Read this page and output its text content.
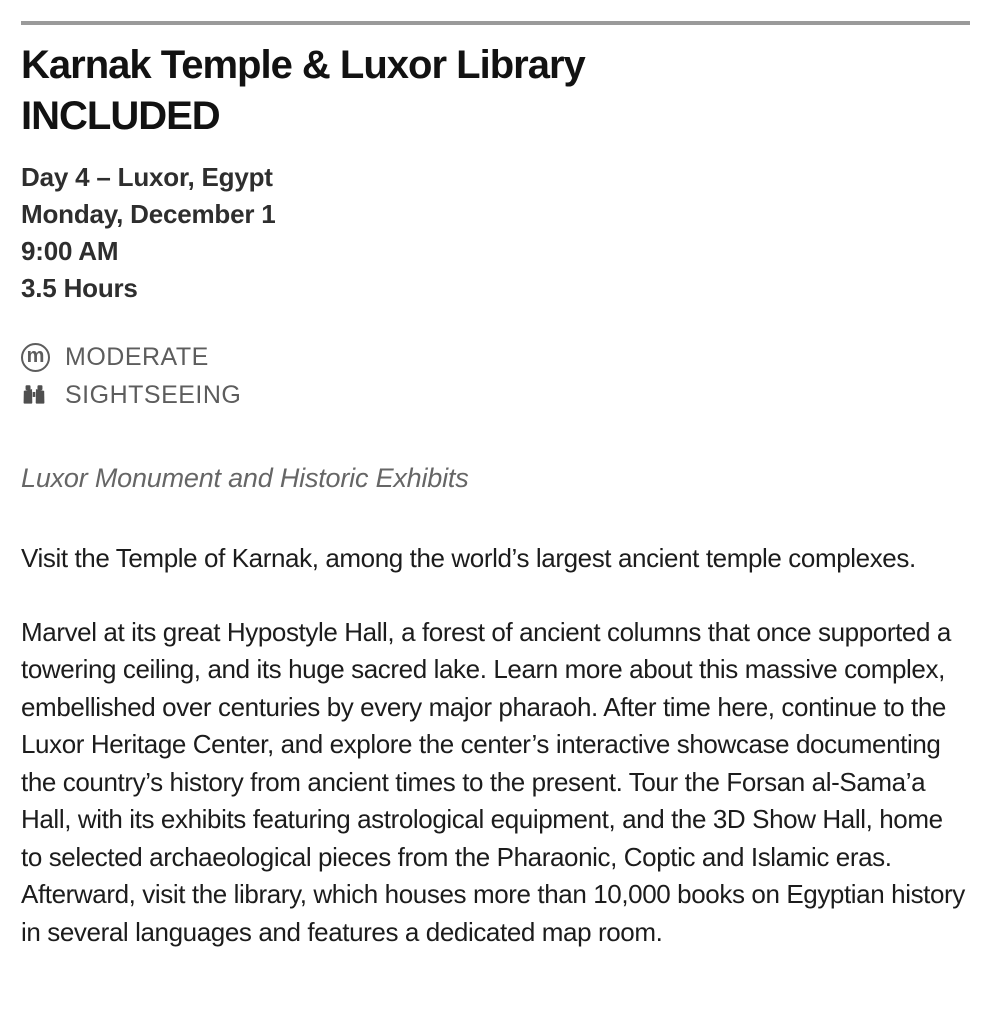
Karnak Temple & Luxor Library
INCLUDED
Day 4 – Luxor, Egypt
Monday, December 1
9:00 AM
3.5 Hours
m MODERATE
SIGHTSEEING
Luxor Monument and Historic Exhibits

Visit the Temple of Karnak, among the world’s largest ancient temple complexes.

Marvel at its great Hypostyle Hall, a forest of ancient columns that once supported a towering ceiling, and its huge sacred lake. Learn more about this massive complex, embellished over centuries by every major pharaoh. After time here, continue to the Luxor Heritage Center, and explore the center’s interactive showcase documenting the country’s history from ancient times to the present. Tour the Forsan al-Sama’a Hall, with its exhibits featuring astrological equipment, and the 3D Show Hall, home to selected archaeological pieces from the Pharaonic, Coptic and Islamic eras. Afterward, visit the library, which houses more than 10,000 books on Egyptian history in several languages and features a dedicated map room.
